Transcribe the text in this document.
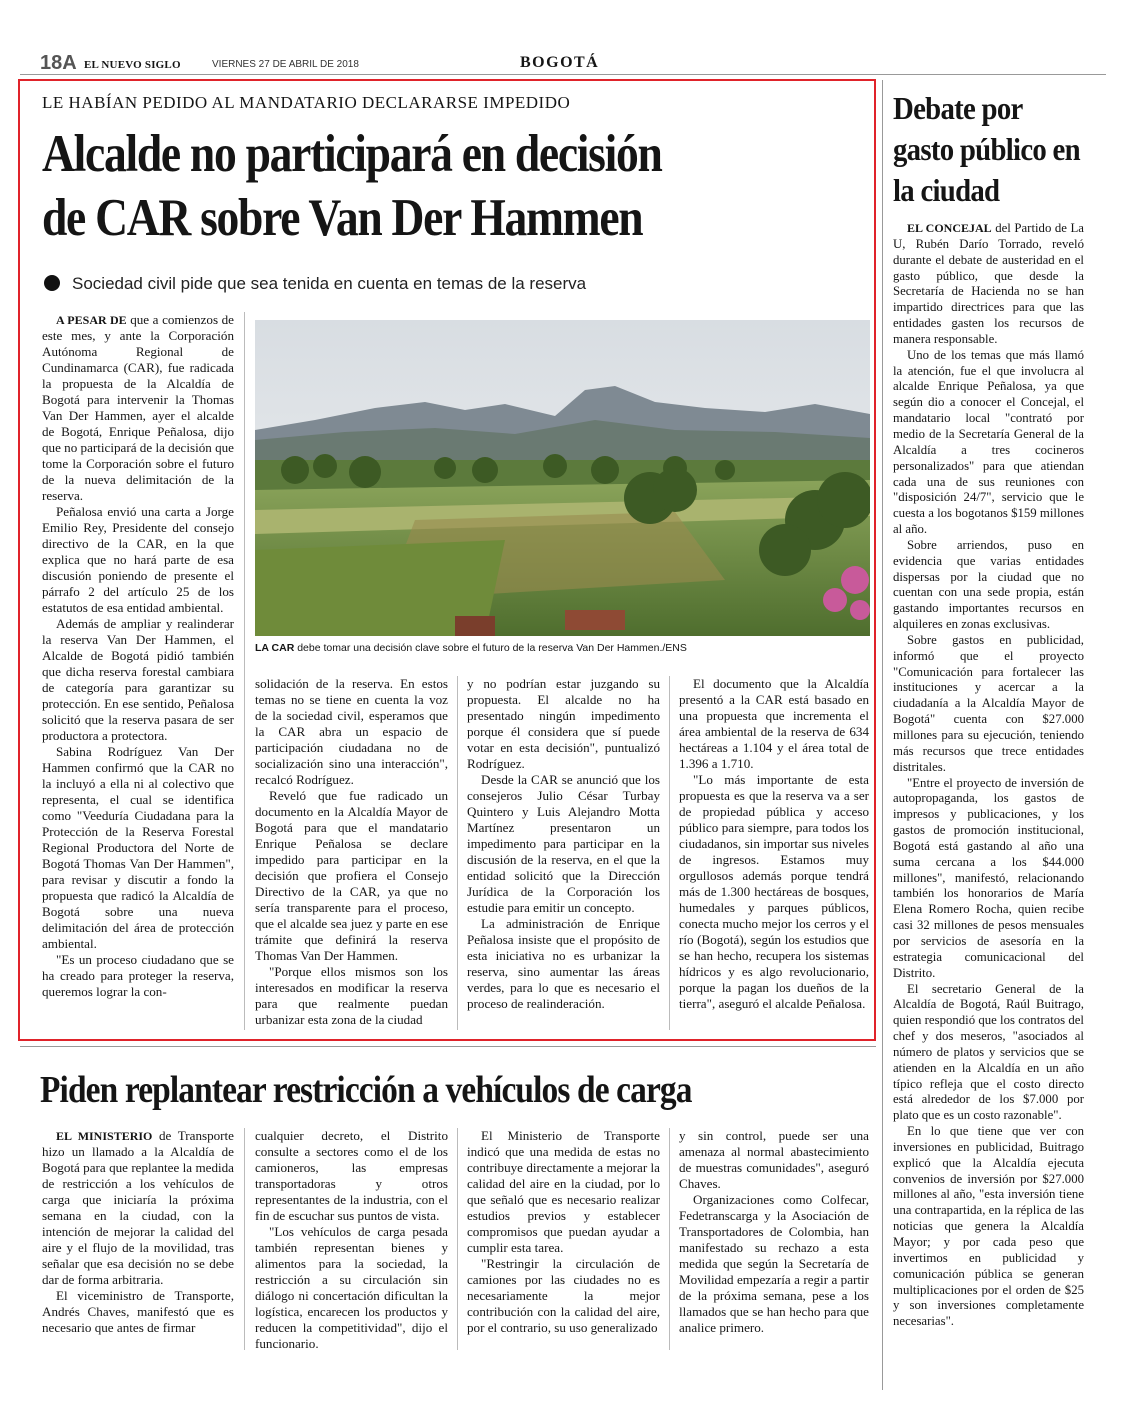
18A EL NUEVO SIGLO	VIERNES 27 DE ABRIL DE 2018	BOGOTÁ
LE HABÍAN PEDIDO AL MANDATARIO DECLARARSE IMPEDIDO
Alcalde no participará en decisión
de CAR sobre Van Der Hammen
Sociedad civil pide que sea tenida en cuenta en temas de la reserva

A PESAR DE que a comienzos de este mes, y ante la Corporación Autónoma Regional de Cundinamarca (CAR), fue radicada la propuesta de la Alcaldía de Bogotá para intervenir la Thomas Van Der Hammen, ayer el alcalde de Bogotá, Enrique Peñalosa, dijo que no participará de la decisión que tome la Corporación sobre el futuro de la nueva delimitación de la reserva.

Peñalosa envió una carta a Jorge Emilio Rey, Presidente del consejo directivo de la CAR, en la que explica que no hará parte de esa discusión poniendo de presente el párrafo 2 del artículo 25 de los estatutos de esa entidad ambiental.

Además de ampliar y realinderar la reserva Van Der Hammen, el Alcalde de Bogotá pidió también que dicha reserva forestal cambiara de categoría para garantizar su protección. En ese sentido, Peñalosa solicitó que la reserva pasara de ser productora a protectora.

Sabina Rodríguez Van Der Hammen confirmó que la CAR no la incluyó a ella ni al colectivo que representa, el cual se identifica como "Veeduría Ciudadana para la Protección de la Reserva Forestal Regional Productora del Norte de Bogotá Thomas Van Der Hammen", para revisar y discutir a fondo la propuesta que radicó la Alcaldía de Bogotá sobre una nueva delimitación del área de protección ambiental.

"Es un proceso ciudadano que se ha creado para proteger la reserva, queremos lograr la con-

LA CAR debe tomar una decisión clave sobre el futuro de la reserva Van Der Hammen./ENS

solidación de la reserva. En estos temas no se tiene en cuenta la voz de la sociedad civil, esperamos que la CAR abra un espacio de participación ciudadana no de socialización sino una interacción", recalcó Rodríguez.

Reveló que fue radicado un documento en la Alcaldía Mayor de Bogotá para que el mandatario Enrique Peñalosa se declare impedido para participar en la decisión que profiera el Consejo Directivo de la CAR, ya que no sería transparente para el proceso, que el alcalde sea juez y parte en ese trámite que definirá la reserva Thomas Van Der Hammen.

"Porque ellos mismos son los interesados en modificar la reserva para que realmente puedan urbanizar esta zona de la ciudad

y no podrían estar juzgando su propuesta. El alcalde no ha presentado ningún impedimento porque él considera que sí puede votar en esta decisión", puntualizó Rodríguez.

Desde la CAR se anunció que los consejeros Julio César Turbay Quintero y Luis Alejandro Motta Martínez presentaron un impedimento para participar en la discusión de la reserva, en el que la entidad solicitó que la Dirección Jurídica de la Corporación los estudie para emitir un concepto.

La administración de Enrique Peñalosa insiste que el propósito de esta iniciativa no es urbanizar la reserva, sino aumentar las áreas verdes, para lo que es necesario el proceso de realinderación.

El documento que la Alcaldía presentó a la CAR está basado en una propuesta que incrementa el área ambiental de la reserva de 634 hectáreas a 1.104 y el área total de 1.396 a 1.710.

"Lo más importante de esta propuesta es que la reserva va a ser de propiedad pública y acceso público para siempre, para todos los ciudadanos, sin importar sus niveles de ingresos. Estamos muy orgullosos además porque tendrá más de 1.300 hectáreas de bosques, humedales y parques públicos, conecta mucho mejor los cerros y el río (Bogotá), según los estudios que se han hecho, recupera los sistemas hídricos y es algo revolucionario, porque la pagan los dueños de la tierra", aseguró el alcalde Peñalosa.

Debate por gasto público en la ciudad

EL CONCEJAL del Partido de La U, Rubén Darío Torrado, reveló durante el debate de austeridad en el gasto público, que desde la Secretaría de Hacienda no se han impartido directrices para que las entidades gasten los recursos de manera responsable.

Uno de los temas que más llamó la atención, fue el que involucra al alcalde Enrique Peñalosa, ya que según dio a conocer el Concejal, el mandatario local "contrató por medio de la Secretaría General de la Alcaldía a tres cocineros personalizados" para que atiendan cada una de sus reuniones con "disposición 24/7", servicio que le cuesta a los bogotanos $159 millones al año.

Sobre arriendos, puso en evidencia que varias entidades dispersas por la ciudad que no cuentan con una sede propia, están gastando importantes recursos en alquileres en zonas exclusivas.

Sobre gastos en publicidad, informó que el proyecto "Comunicación para fortalecer las instituciones y acercar a la ciudadanía a la Alcaldía Mayor de Bogotá" cuenta con $27.000 millones para su ejecución, teniendo más recursos que trece entidades distritales.

"Entre el proyecto de inversión de autopropaganda, los gastos de impresos y publicaciones, y los gastos de promoción institucional, Bogotá está gastando al año una suma cercana a los $44.000 millones", manifestó, relacionando también los honorarios de María Elena Romero Rocha, quien recibe casi 32 millones de pesos mensuales por servicios de asesoría en la estrategia comunicacional del Distrito.

El secretario General de la Alcaldía de Bogotá, Raúl Buitrago, quien respondió que los contratos del chef y dos meseros, "asociados al número de platos y servicios que se atienden en la Alcaldía en un año típico refleja que el costo directo está alrededor de los $7.000 por plato que es un costo razonable".

En lo que tiene que ver con inversiones en publicidad, Buitrago explicó que la Alcaldía ejecuta convenios de inversión por $27.000 millones al año, "esta inversión tiene una contrapartida, en la réplica de las noticias que genera la Alcaldía Mayor; y por cada peso que invertimos en publicidad y comunicación pública se generan multiplicaciones por el orden de $25 y son inversiones completamente necesarias".

Piden replantear restricción a vehículos de carga

EL MINISTERIO de Transporte hizo un llamado a la Alcaldía de Bogotá para que replantee la medida de restricción a los vehículos de carga que iniciaría la próxima semana en la ciudad, con la intención de mejorar la calidad del aire y el flujo de la movilidad, tras señalar que esa decisión no se debe dar de forma arbitraria.

El viceministro de Transporte, Andrés Chaves, manifestó que es necesario que antes de firmar

cualquier decreto, el Distrito consulte a sectores como el de los camioneros, las empresas transportadoras y otros representantes de la industria, con el fin de escuchar sus puntos de vista.

"Los vehículos de carga pesada también representan bienes y alimentos para la sociedad, la restricción a su circulación sin diálogo ni concertación dificultan la logística, encarecen los productos y reducen la competitividad", dijo el funcionario.

El Ministerio de Transporte indicó que una medida de estas no contribuye directamente a mejorar la calidad del aire en la ciudad, por lo que señaló que es necesario realizar estudios previos y establecer compromisos que puedan ayudar a cumplir esta tarea.

"Restringir la circulación de camiones por las ciudades no es necesariamente la mejor contribución con la calidad del aire, por el contrario, su uso generalizado

y sin control, puede ser una amenaza al normal abastecimiento de muestras comunidades", aseguró Chaves.

Organizaciones como Colfecar, Fedetranscarga y la Asociación de Transportadores de Colombia, han manifestado su rechazo a esta medida que según la Secretaría de Movilidad empezaría a regir a partir de la próxima semana, pese a los llamados que se han hecho para que analice primero.
